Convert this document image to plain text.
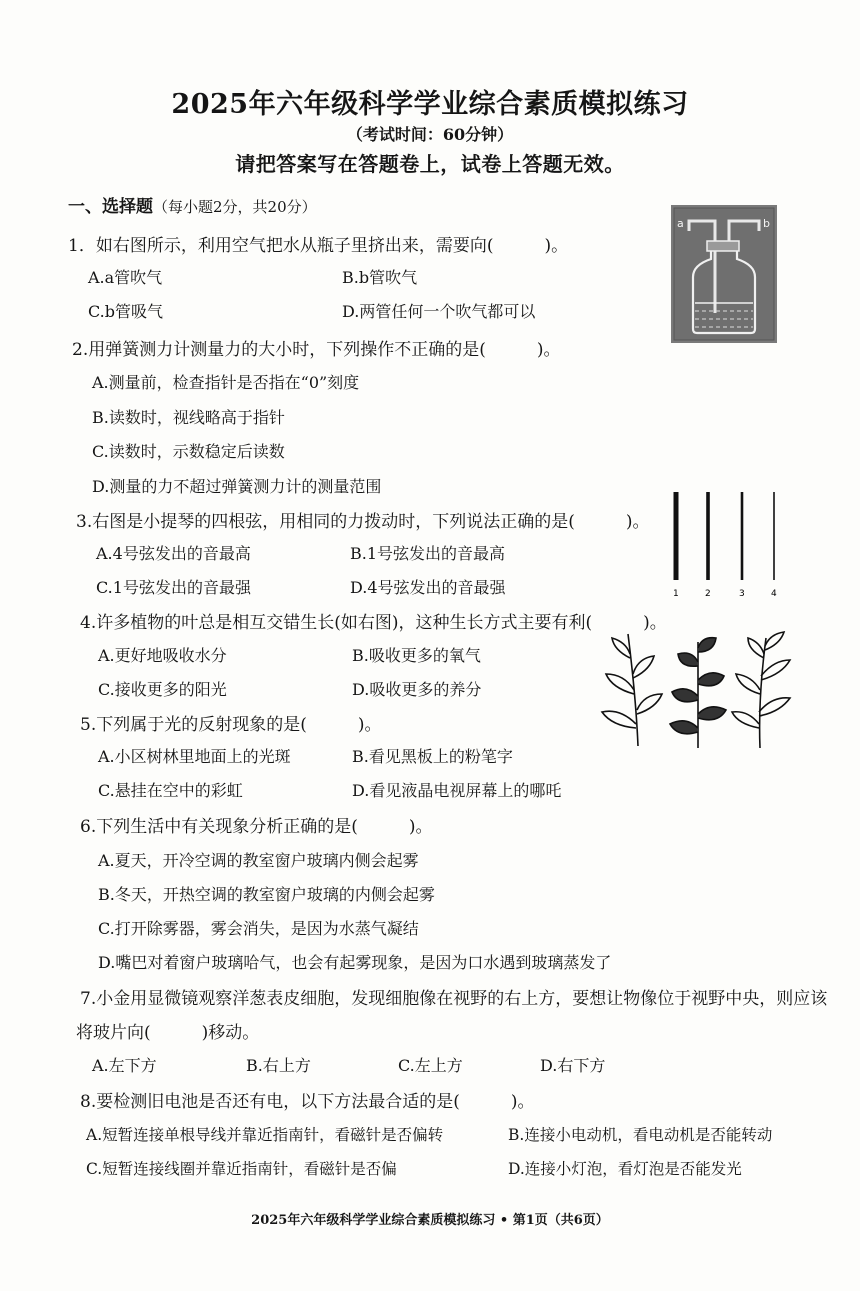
2025年六年级科学学业综合素质模拟练习
（考试时间：60分钟）
请把答案写在答题卷上，试卷上答题无效。
一、选择题（每小题2分，共20分）
1．如右图所示，利用空气把水从瓶子里挤出来，需要向(　　　)。
A.a管吹气	B.b管吹气
C.b管吸气	D.两管任何一个吹气都可以
2.用弹簧测力计测量力的大小时，下列操作不正确的是(　　　)。
A.测量前，检查指针是否指在“0”刻度
B.读数时，视线略高于指针
C.读数时，示数稳定后读数
D.测量的力不超过弹簧测力计的测量范围
3.右图是小提琴的四根弦，用相同的力拨动时，下列说法正确的是(　　　)。
A.4号弦发出的音最高	B.1号弦发出的音最高
C.1号弦发出的音最强	D.4号弦发出的音最强
4.许多植物的叶总是相互交错生长(如右图)，这种生长方式主要有利(　　　)。
A.更好地吸收水分	B.吸收更多的氧气
C.接收更多的阳光	D.吸收更多的养分
5.下列属于光的反射现象的是(　　　)。
A.小区树林里地面上的光斑	B.看见黑板上的粉笔字
C.悬挂在空中的彩虹	D.看见液晶电视屏幕上的哪吒
6.下列生活中有关现象分析正确的是(　　　)。
A.夏天，开冷空调的教室窗户玻璃内侧会起雾
B.冬天，开热空调的教室窗户玻璃的内侧会起雾
C.打开除雾器，雾会消失，是因为水蒸气凝结
D.嘴巴对着窗户玻璃哈气，也会有起雾现象，是因为口水遇到玻璃蒸发了
7.小金用显微镜观察洋葱表皮细胞，发现细胞像在视野的右上方，要想让物像位于视野中央，则应该
将玻片向(　　　)移动。
A.左下方	B.右上方	C.左上方	D.右下方
8.要检测旧电池是否还有电，以下方法最合适的是(　　　)。
A.短暂连接单根导线并靠近指南针，看磁针是否偏转	B.连接小电动机，看电动机是否能转动
C.短暂连接线圈并靠近指南针，看磁针是否偏	D.连接小灯泡，看灯泡是否能发光
a	b
1	2	3	4
2025年六年级科学学业综合素质模拟练习 • 第1页（共6页）
